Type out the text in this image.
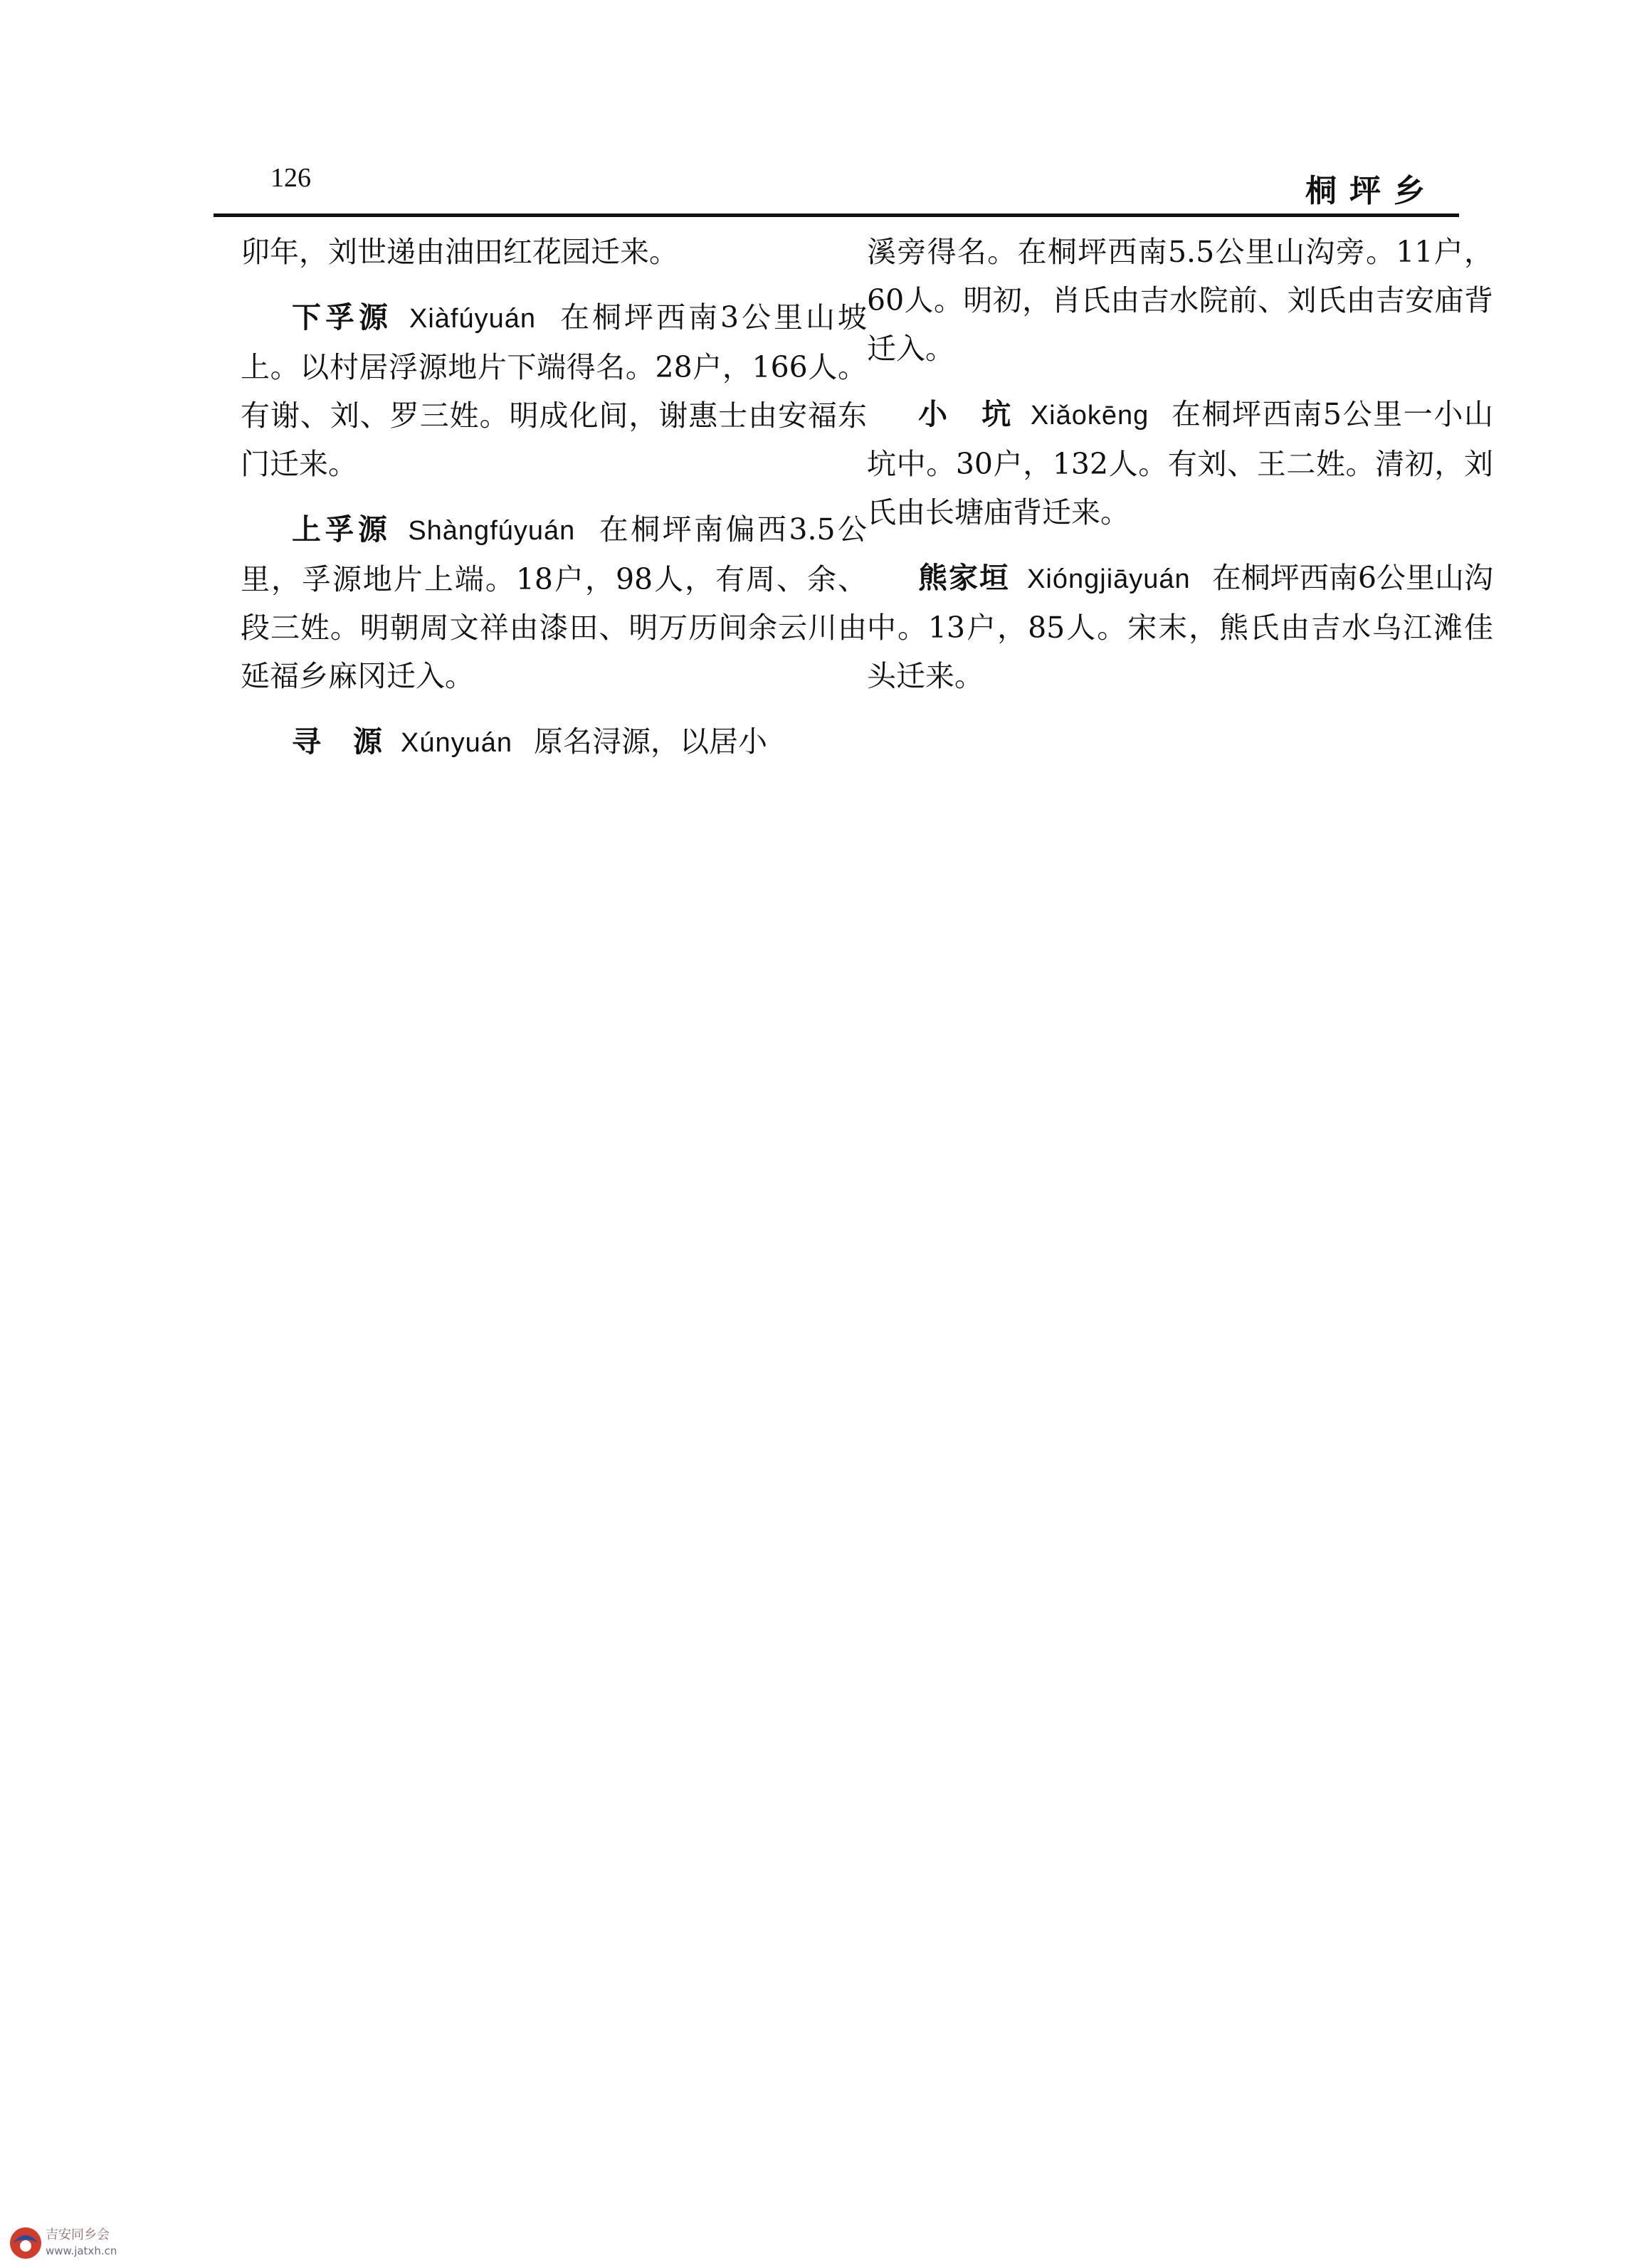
126	桐坪乡

卯年，刘世递由油田红花园迁来。

下孚源 Xiàfúyuán 在桐坪西南3公里山坡上。以村居浮源地片下端得名。28户，166人。有谢、刘、罗三姓。明成化间，谢惠士由安福东门迁来。

上孚源 Shàngfúyuán 在桐坪南偏西3.5公里，孚源地片上端。18户，98人，有周、余、段三姓。明朝周文祥由漆田、明万历间余云川由延福乡麻冈迁入。

寻　源 Xúnyuán 原名浔源，以居小

溪旁得名。在桐坪西南5.5公里山沟旁。11户，60人。明初，肖氏由吉水院前、刘氏由吉安庙背迁入。

小　坑 Xiǎokēng 在桐坪西南5公里一小山坑中。30户，132人。有刘、王二姓。清初，刘氏由长塘庙背迁来。

熊家垣 Xióngjiāyuán 在桐坪西南6公里山沟中。13户，85人。宋末，熊氏由吉水乌江滩佳头迁来。

吉安同乡会
www.jatxh.cn
